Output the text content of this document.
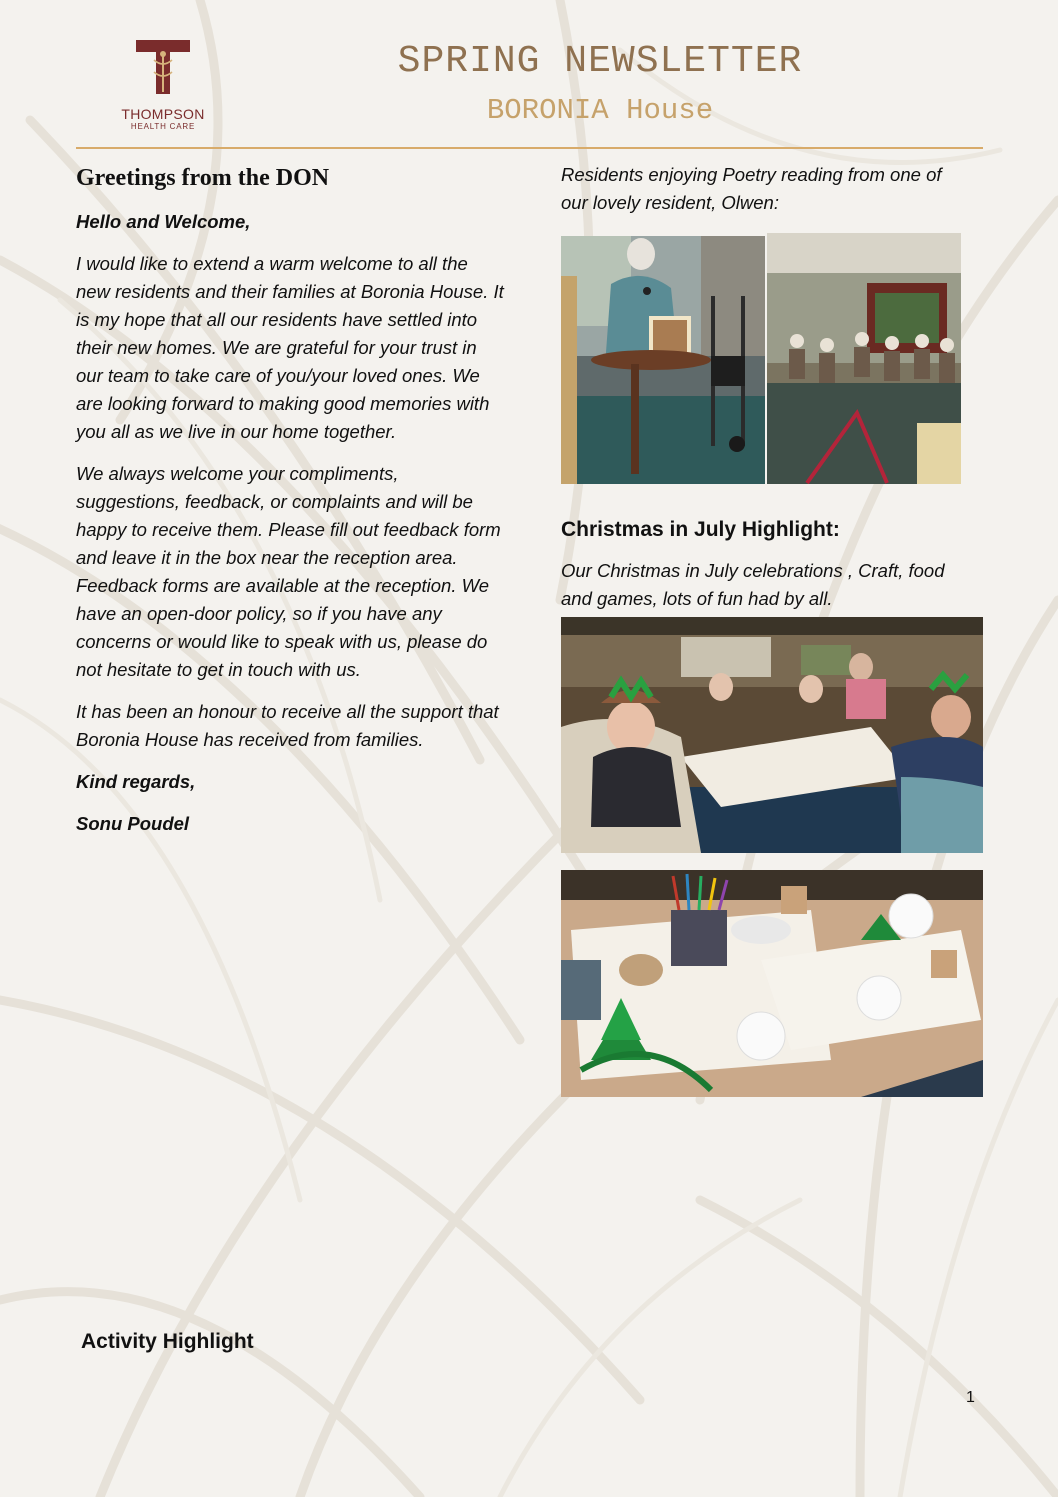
THOMPSON
HEALTH CARE
SPRING NEWSLETTER
BORONIA House
Greetings from the DON
Hello and Welcome,
I would like to extend a warm welcome to all the new residents and their families at Boronia House. It is my hope that all our residents have settled into their new homes. We are grateful for your trust in our team to take care of you/your loved ones. We are looking forward to making good memories with you all as we live in our home together.
We always welcome your compliments, suggestions, feedback, or complaints and will be happy to receive them. Please fill out feedback form and leave it in the box near the reception area. Feedback forms are available at the reception. We have an open-door policy, so if you have any concerns or would like to speak with us, please do not hesitate to get in touch with us.
It has been an honour to receive all the support that Boronia House has received from families.
Kind regards,
Sonu Poudel
Residents enjoying Poetry reading from one of our lovely resident, Olwen:
Christmas in July Highlight:
Our Christmas in July celebrations , Craft, food and games, lots of fun had by all.
Activity Highlight
1
